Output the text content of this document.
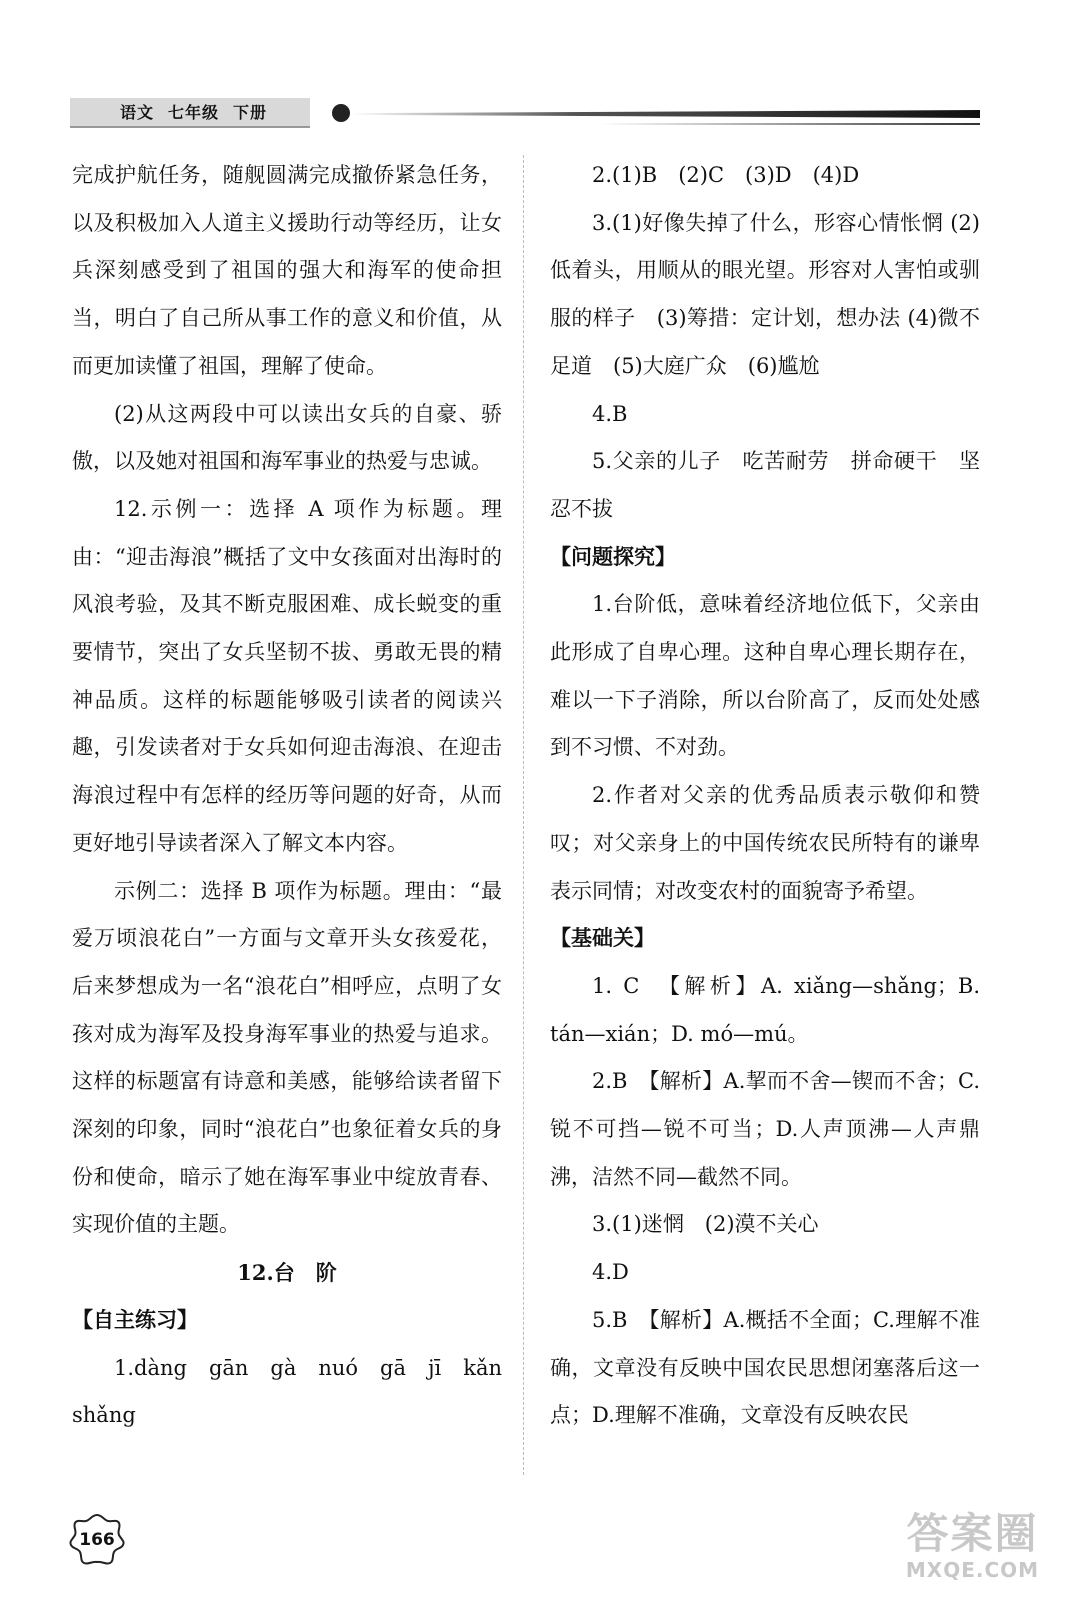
语文 七年级 下册

完成护航任务，随舰圆满完成撤侨紧急任务，以及积极加入人道主义援助行动等经历，让女兵深刻感受到了祖国的强大和海军的使命担当，明白了自己所从事工作的意义和价值，从而更加读懂了祖国，理解了使命。

(2)从这两段中可以读出女兵的自豪、骄傲，以及她对祖国和海军事业的热爱与忠诚。

12.示例一：选择 A 项作为标题。理由：“迎击海浪”概括了文中女孩面对出海时的风浪考验，及其不断克服困难、成长蜕变的重要情节，突出了女兵坚韧不拔、勇敢无畏的精神品质。这样的标题能够吸引读者的阅读兴趣，引发读者对于女兵如何迎击海浪、在迎击海浪过程中有怎样的经历等问题的好奇，从而更好地引导读者深入了解文本内容。

示例二：选择 B 项作为标题。理由：“最爱万顷浪花白”一方面与文章开头女孩爱花，后来梦想成为一名“浪花白”相呼应，点明了女孩对成为海军及投身海军事业的热爱与追求。这样的标题富有诗意和美感，能够给读者留下深刻的印象，同时“浪花白”也象征着女兵的身份和使命，暗示了她在海军事业中绽放青春、实现价值的主题。

12.台　阶

【自主练习】

1.dàng　gān　gà　nuó　gā　jī　kǎn　shǎng

2.(1)B　(2)C　(3)D　(4)D

3.(1)好像失掉了什么，形容心情怅惘 (2)低着头，用顺从的眼光望。形容对人害怕或驯服的样子　(3)筹措：定计划，想办法 (4)微不足道　(5)大庭广众　(6)尴尬

4.B

5.父亲的儿子　吃苦耐劳　拼命硬干　坚忍不拔

【问题探究】

1.台阶低，意味着经济地位低下，父亲由此形成了自卑心理。这种自卑心理长期存在，难以一下子消除，所以台阶高了，反而处处感到不习惯、不对劲。

2.作者对父亲的优秀品质表示敬仰和赞叹；对父亲身上的中国传统农民所特有的谦卑表示同情；对改变农村的面貌寄予希望。

【基础关】

1. C　【解析】A. xiǎng—shǎng；B. tán—xián；D. mó—mú。

2.B　【解析】A.挈而不舍—锲而不舍；C.锐不可挡—锐不可当；D.人声顶沸—人声鼎沸，洁然不同—截然不同。

3.(1)迷惘　(2)漠不关心

4.D

5.B　【解析】A.概括不全面；C.理解不准确，文章没有反映中国农民思想闭塞落后这一点；D.理解不准确，文章没有反映农民

166	答案圈
MXQE.COM
